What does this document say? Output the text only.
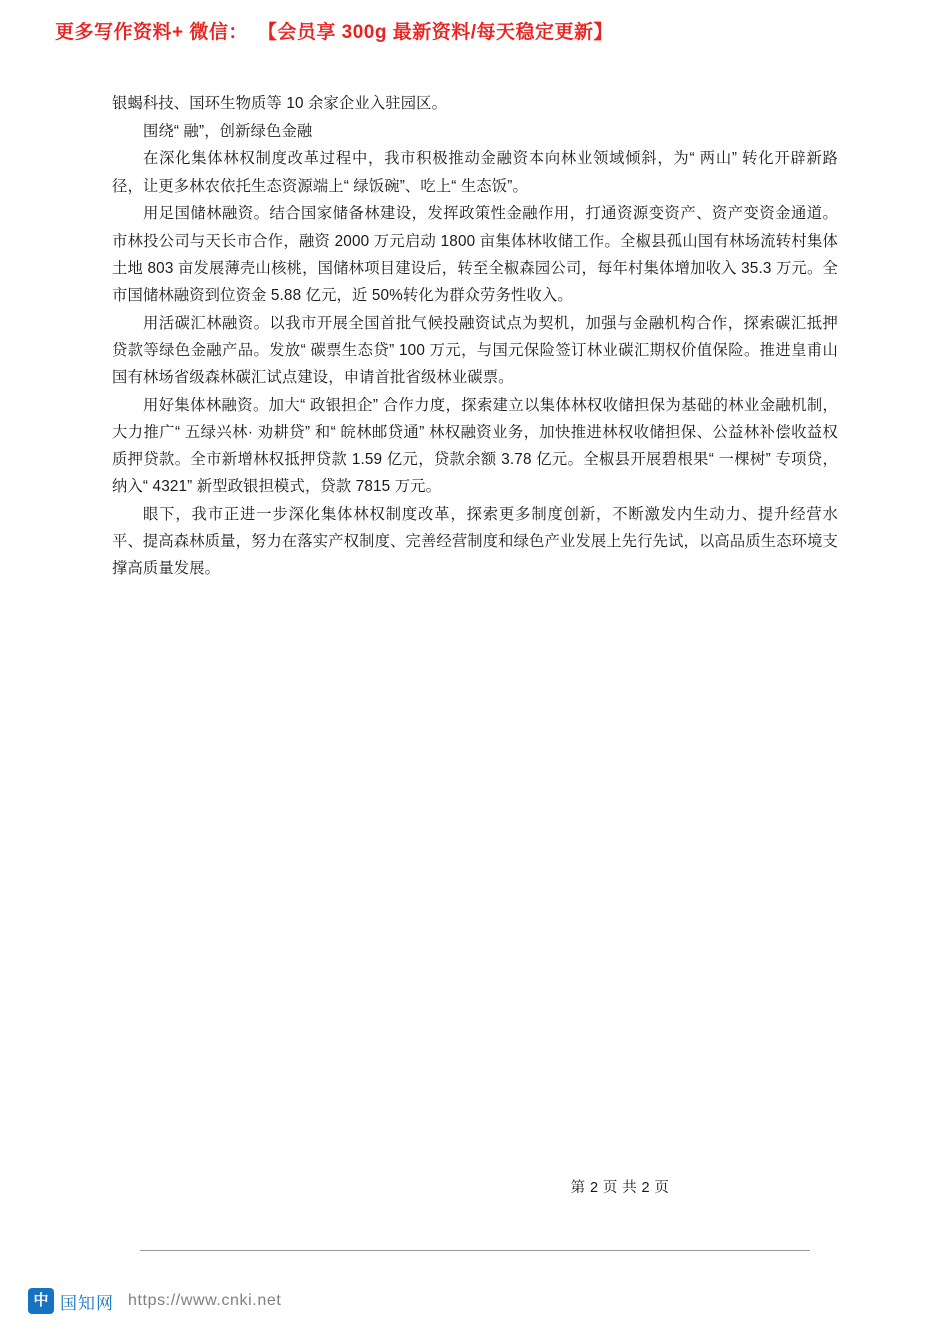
更多写作资料+ 微信： 【会员享 300g 最新资料/每天稳定更新】

银蝎科技、国环生物质等 10 余家企业入驻园区。

围绕“ 融”，创新绿色金融

在深化集体林权制度改革过程中，我市积极推动金融资本向林业领域倾斜，为“ 两山” 转化开辟新路径，让更多林农依托生态资源端上“ 绿饭碗”、吃上“ 生态饭”。

用足国储林融资。结合国家储备林建设，发挥政策性金融作用，打通资源变资产、资产变资金通道。市林投公司与天长市合作，融资 2000 万元启动 1800 亩集体林收储工作。全椒县孤山国有林场流转村集体土地 803 亩发展薄壳山核桃，国储林项目建设后，转至全椒森园公司，每年村集体增加收入 35.3 万元。全市国储林融资到位资金 5.88 亿元，近 50%转化为群众劳务性收入。

用活碳汇林融资。以我市开展全国首批气候投融资试点为契机，加强与金融机构合作，探索碳汇抵押贷款等绿色金融产品。发放“ 碳票生态贷” 100 万元，与国元保险签订林业碳汇期权价值保险。推进皇甫山国有林场省级森林碳汇试点建设，申请首批省级林业碳票。

用好集体林融资。加大“ 政银担企” 合作力度，探索建立以集体林权收储担保为基础的林业金融机制，大力推广“ 五绿兴林· 劝耕贷” 和“ 皖林邮贷通” 林权融资业务，加快推进林权收储担保、公益林补偿收益权质押贷款。全市新增林权抵押贷款 1.59 亿元，贷款余额 3.78 亿元。全椒县开展碧根果“ 一棵树” 专项贷，纳入“ 4321” 新型政银担模式，贷款 7815 万元。

眼下，我市正进一步深化集体林权制度改革，探索更多制度创新，不断激发内生动力、提升经营水平、提高森林质量，努力在落实产权制度、完善经营制度和绿色产业发展上先行先试，以高品质生态环境支撑高质量发展。

第 2 页 共 2 页
中 国知网 https://www.cnki.net
